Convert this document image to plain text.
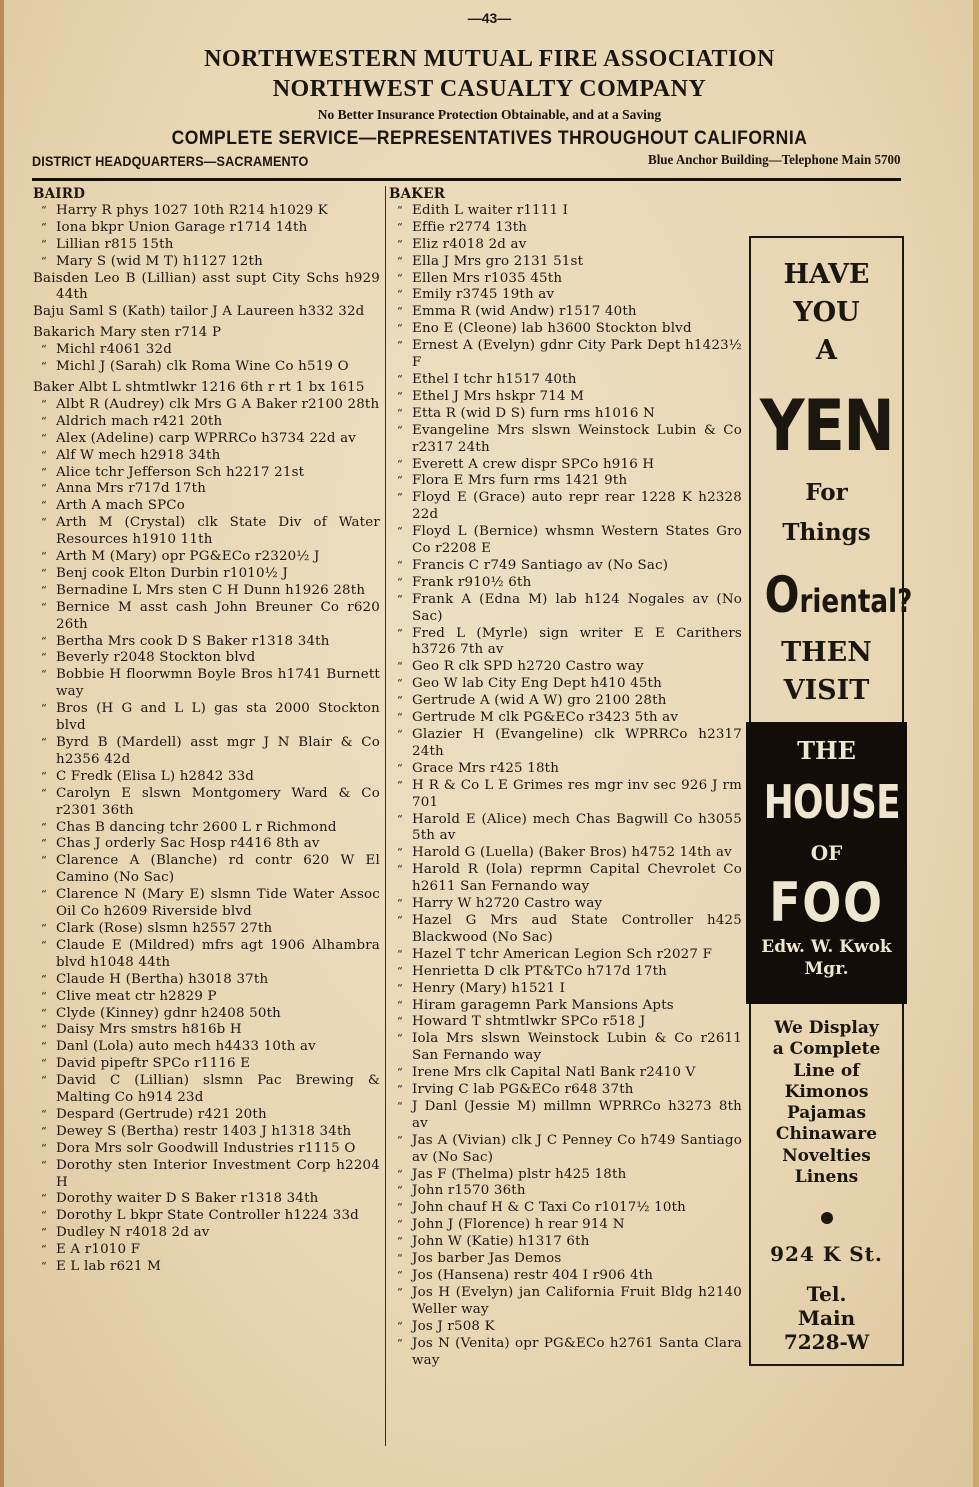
—43—
NORTHWESTERN MUTUAL FIRE ASSOCIATION
NORTHWEST CASUALTY COMPANY
No Better Insurance Protection Obtainable, and at a Saving
COMPLETE SERVICE—REPRESENTATIVES THROUGHOUT CALIFORNIA
DISTRICT HEADQUARTERS—SACRAMENTO	Blue Anchor Building—Telephone Main 5700
BAIRD
“ Harry R phys 1027 10th R214 h1029 K
“ Iona bkpr Union Garage r1714 14th
“ Lillian r815 15th
“ Mary S (wid M T) h1127 12th
Baisden Leo B (Lillian) asst supt City Schs h929 44th
Baju Saml S (Kath) tailor J A Laureen h332 32d
Bakarich Mary sten r714 P
“ Michl r4061 32d
“ Michl J (Sarah) clk Roma Wine Co h519 O
Baker Albt L shtmtlwkr 1216 6th r rt 1 bx 1615
“ Albt R (Audrey) clk Mrs G A Baker r2100 28th
“ Aldrich mach r421 20th
“ Alex (Adeline) carp WPRRCo h3734 22d av
“ Alf W mech h2918 34th
“ Alice tchr Jefferson Sch h2217 21st
“ Anna Mrs r717d 17th
“ Arth A mach SPCo
“ Arth M (Crystal) clk State Div of Water Resources h1910 11th
“ Arth M (Mary) opr PG&ECo r2320½ J
“ Benj cook Elton Durbin r1010½ J
“ Bernadine L Mrs sten C H Dunn h1926 28th
“ Bernice M asst cash John Breuner Co r620 26th
“ Bertha Mrs cook D S Baker r1318 34th
“ Beverly r2048 Stockton blvd
“ Bobbie H floorwmn Boyle Bros h1741 Burnett way
“ Bros (H G and L L) gas sta 2000 Stockton blvd
“ Byrd B (Mardell) asst mgr J N Blair & Co h2356 42d
“ C Fredk (Elisa L) h2842 33d
“ Carolyn E slswn Montgomery Ward & Co r2301 36th
“ Chas B dancing tchr 2600 L r Richmond
“ Chas J orderly Sac Hosp r4416 8th av
“ Clarence A (Blanche) rd contr 620 W El Camino (No Sac)
“ Clarence N (Mary E) slsmn Tide Water Assoc Oil Co h2609 Riverside blvd
“ Clark (Rose) slsmn h2557 27th
“ Claude E (Mildred) mfrs agt 1906 Alhambra blvd h1048 44th
“ Claude H (Bertha) h3018 37th
“ Clive meat ctr h2829 P
“ Clyde (Kinney) gdnr h2408 50th
“ Daisy Mrs smstrs h816b H
“ Danl (Lola) auto mech h4433 10th av
“ David pipeftr SPCo r1116 E
“ David C (Lillian) slsmn Pac Brewing & Malting Co h914 23d
“ Despard (Gertrude) r421 20th
“ Dewey S (Bertha) restr 1403 J h1318 34th
“ Dora Mrs solr Goodwill Industries r1115 O
“ Dorothy sten Interior Investment Corp h2204 H
“ Dorothy waiter D S Baker r1318 34th
“ Dorothy L bkpr State Controller h1224 33d
“ Dudley N r4018 2d av
“ E A r1010 F
“ E L lab r621 M
BAKER
“ Edith L waiter r1111 I
“ Effie r2774 13th
“ Eliz r4018 2d av
“ Ella J Mrs gro 2131 51st
“ Ellen Mrs r1035 45th
“ Emily r3745 19th av
“ Emma R (wid Andw) r1517 40th
“ Eno E (Cleone) lab h3600 Stockton blvd
“ Ernest A (Evelyn) gdnr City Park Dept h1423½ F
“ Ethel I tchr h1517 40th
“ Ethel J Mrs hskpr 714 M
“ Etta R (wid D S) furn rms h1016 N
“ Evangeline Mrs slswn Weinstock Lubin & Co r2317 24th
“ Everett A crew dispr SPCo h916 H
“ Flora E Mrs furn rms 1421 9th
“ Floyd E (Grace) auto repr rear 1228 K h2328 22d
“ Floyd L (Bernice) whsmn Western States Gro Co r2208 E
“ Francis C r749 Santiago av (No Sac)
“ Frank r910½ 6th
“ Frank A (Edna M) lab h124 Nogales av (No Sac)
“ Fred L (Myrle) sign writer E E Carithers h3726 7th av
“ Geo R clk SPD h2720 Castro way
“ Geo W lab City Eng Dept h410 45th
“ Gertrude A (wid A W) gro 2100 28th
“ Gertrude M clk PG&ECo r3423 5th av
“ Glazier H (Evangeline) clk WPRRCo h2317 24th
“ Grace Mrs r425 18th
“ H R & Co L E Grimes res mgr inv sec 926 J rm 701
“ Harold E (Alice) mech Chas Bagwill Co h3055 5th av
“ Harold G (Luella) (Baker Bros) h4752 14th av
“ Harold R (Iola) reprmn Capital Chevrolet Co h2611 San Fernando way
“ Harry W h2720 Castro way
“ Hazel G Mrs aud State Controller h425 Blackwood (No Sac)
“ Hazel T tchr American Legion Sch r2027 F
“ Henrietta D clk PT&TCo h717d 17th
“ Henry (Mary) h1521 I
“ Hiram garagemn Park Mansions Apts
“ Howard T shtmtlwkr SPCo r518 J
“ Iola Mrs slswn Weinstock Lubin & Co r2611 San Fernando way
“ Irene Mrs clk Capital Natl Bank r2410 V
“ Irving C lab PG&ECo r648 37th
“ J Danl (Jessie M) millmn WPRRCo h3273 8th av
“ Jas A (Vivian) clk J C Penney Co h749 Santiago av (No Sac)
“ Jas F (Thelma) plstr h425 18th
“ John r1570 36th
“ John chauf H & C Taxi Co r1017½ 10th
“ John J (Florence) h rear 914 N
“ John W (Katie) h1317 6th
“ Jos barber Jas Demos
“ Jos (Hansena) restr 404 I r906 4th
“ Jos H (Evelyn) jan California Fruit Bldg h2140 Weller way
“ Jos J r508 K
“ Jos N (Venita) opr PG&ECo h2761 Santa Clara way
HAVE
YOU
A
YEN
For
Things
Oriental?
THEN
VISIT
THE
HOUSE
OF
FOO
Edw. W. Kwok
Mgr.
We Display
a Complete
Line of
Kimonos
Pajamas
Chinaware
Novelties
Linens
924 K St.
Tel.
Main
7228-W
